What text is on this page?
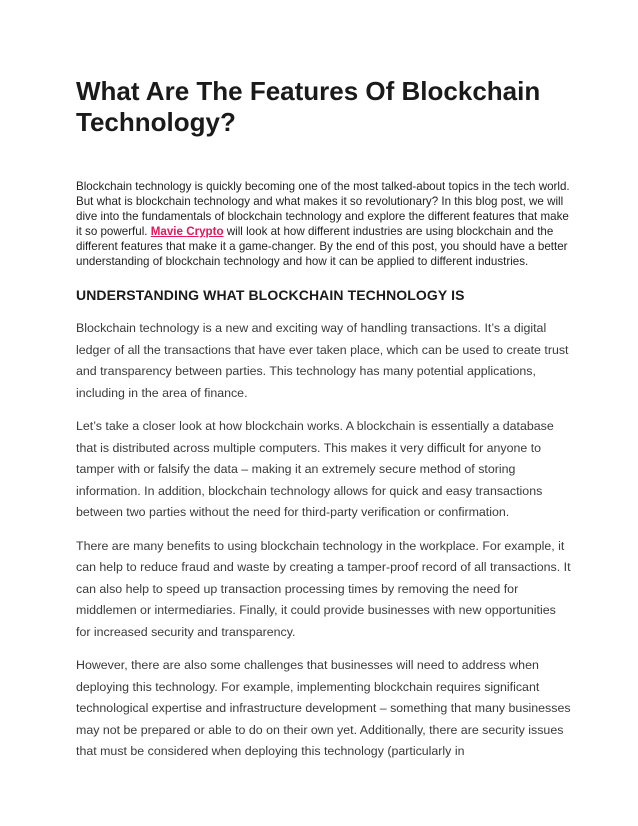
What Are The Features Of Blockchain Technology?

Blockchain technology is quickly becoming one of the most talked-about topics in the tech world. But what is blockchain technology and what makes it so revolutionary? In this blog post, we will dive into the fundamentals of blockchain technology and explore the different features that make it so powerful. Mavie Crypto will look at how different industries are using blockchain and the different features that make it a game-changer. By the end of this post, you should have a better understanding of blockchain technology and how it can be applied to different industries.

UNDERSTANDING WHAT BLOCKCHAIN TECHNOLOGY IS

Blockchain technology is a new and exciting way of handling transactions. It’s a digital ledger of all the transactions that have ever taken place, which can be used to create trust and transparency between parties. This technology has many potential applications, including in the area of finance.

Let’s take a closer look at how blockchain works. A blockchain is essentially a database that is distributed across multiple computers. This makes it very difficult for anyone to tamper with or falsify the data – making it an extremely secure method of storing information. In addition, blockchain technology allows for quick and easy transactions between two parties without the need for third-party verification or confirmation.

There are many benefits to using blockchain technology in the workplace. For example, it can help to reduce fraud and waste by creating a tamper-proof record of all transactions. It can also help to speed up transaction processing times by removing the need for middlemen or intermediaries. Finally, it could provide businesses with new opportunities for increased security and transparency.

However, there are also some challenges that businesses will need to address when deploying this technology. For example, implementing blockchain requires significant technological expertise and infrastructure development – something that many businesses may not be prepared or able to do on their own yet. Additionally, there are security issues that must be considered when deploying this technology (particularly in
